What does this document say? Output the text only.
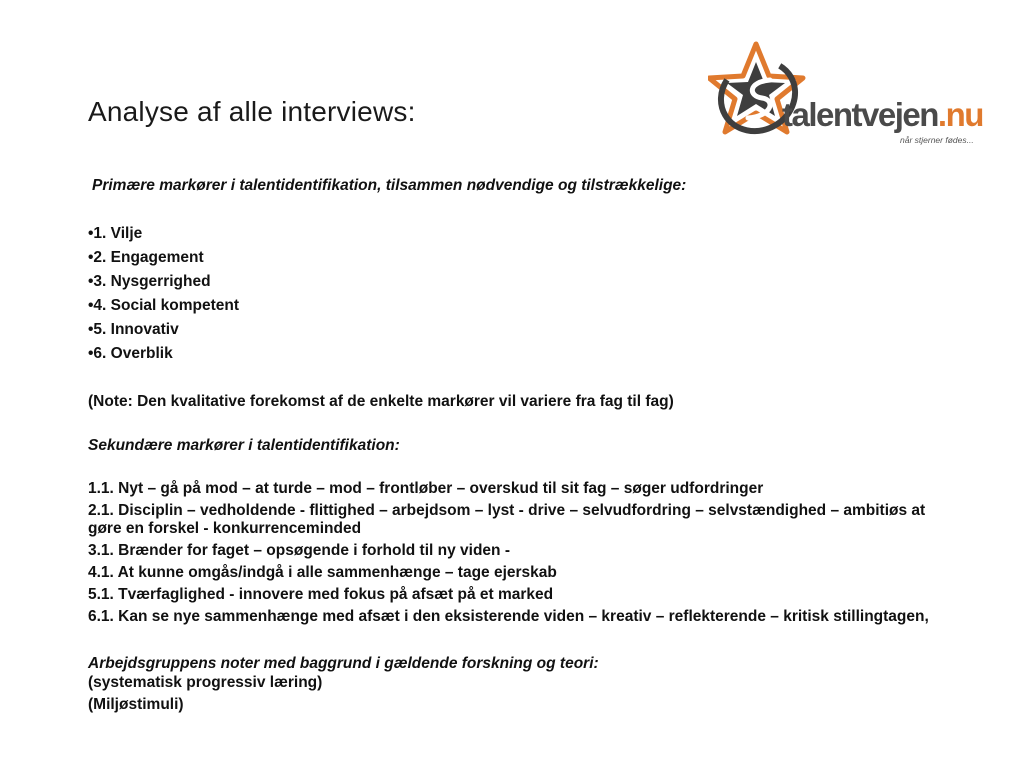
Analyse af alle interviews:	talentvejen.nu
når stjerner fødes...

Primære markører i talentidentifikation, tilsammen nødvendige og tilstrækkelige:

•1. Vilje
•2. Engagement
•3. Nysgerrighed
•4. Social kompetent
•5. Innovativ
•6. Overblik

(Note: Den kvalitative forekomst af de enkelte markører vil variere fra fag til fag)

Sekundære markører i talentidentifikation:

1.1. Nyt – gå på mod – at turde – mod – frontløber – overskud til sit fag – søger udfordringer
2.1. Disciplin – vedholdende - flittighed – arbejdsom – lyst - drive – selvudfordring – selvstændighed – ambitiøs at gøre en forskel - konkurrenceminded
3.1. Brænder for faget – opsøgende i forhold til ny viden -
4.1. At kunne omgås/indgå i alle sammenhænge – tage ejerskab
5.1. Tværfaglighed - innovere med fokus på afsæt på et marked
6.1. Kan se nye sammenhænge med afsæt i den eksisterende viden – kreativ – reflekterende – kritisk stillingtagen,

Arbejdsgruppens noter med baggrund i gældende forskning og teori:

(systematisk progressiv læring)
(Miljøstimuli)
